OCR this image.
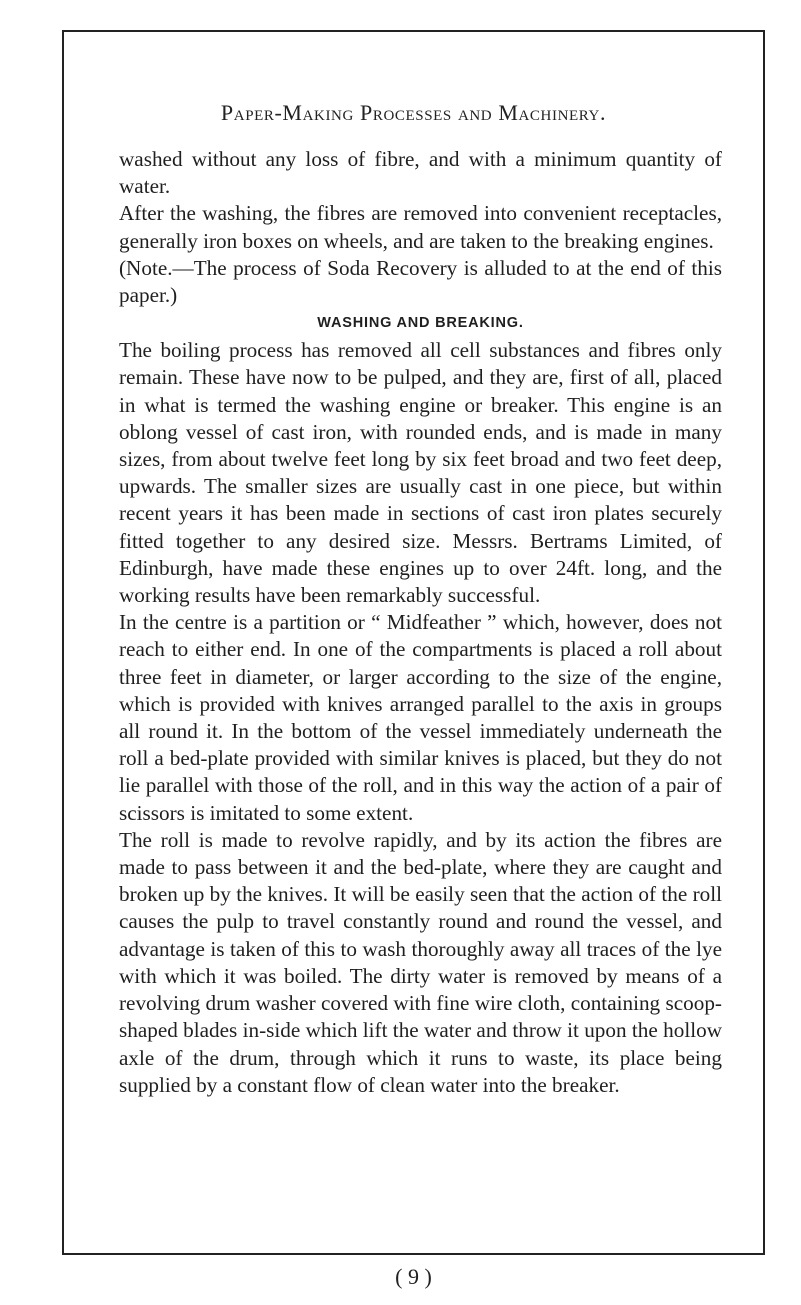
Paper-Making Processes and Machinery.

washed without any loss of fibre, and with a minimum quantity of water.

After the washing, the fibres are removed into convenient receptacles, generally iron boxes on wheels, and are taken to the breaking engines.

(Note.—The process of Soda Recovery is alluded to at the end of this paper.)

WASHING AND BREAKING.

The boiling process has removed all cell substances and fibres only remain. These have now to be pulped, and they are, first of all, placed in what is termed the washing engine or breaker. This engine is an oblong vessel of cast iron, with rounded ends, and is made in many sizes, from about twelve feet long by six feet broad and two feet deep, upwards. The smaller sizes are usually cast in one piece, but within recent years it has been made in sections of cast iron plates securely fitted together to any desired size. Messrs. Bertrams Limited, of Edinburgh, have made these engines up to over 24ft. long, and the working results have been remarkably successful.

In the centre is a partition or “ Midfeather ” which, however, does not reach to either end. In one of the compartments is placed a roll about three feet in diameter, or larger according to the size of the engine, which is provided with knives arranged parallel to the axis in groups all round it. In the bottom of the vessel immediately underneath the roll a bed-plate provided with similar knives is placed, but they do not lie parallel with those of the roll, and in this way the action of a pair of scissors is imitated to some extent.

The roll is made to revolve rapidly, and by its action the fibres are made to pass between it and the bed-plate, where they are caught and broken up by the knives. It will be easily seen that the action of the roll causes the pulp to travel constantly round and round the vessel, and advantage is taken of this to wash thoroughly away all traces of the lye with which it was boiled. The dirty water is removed by means of a revolving drum washer covered with fine wire cloth, containing scoop-shaped blades in-side which lift the water and throw it upon the hollow axle of the drum, through which it runs to waste, its place being supplied by a constant flow of clean water into the breaker.

( 9 )
